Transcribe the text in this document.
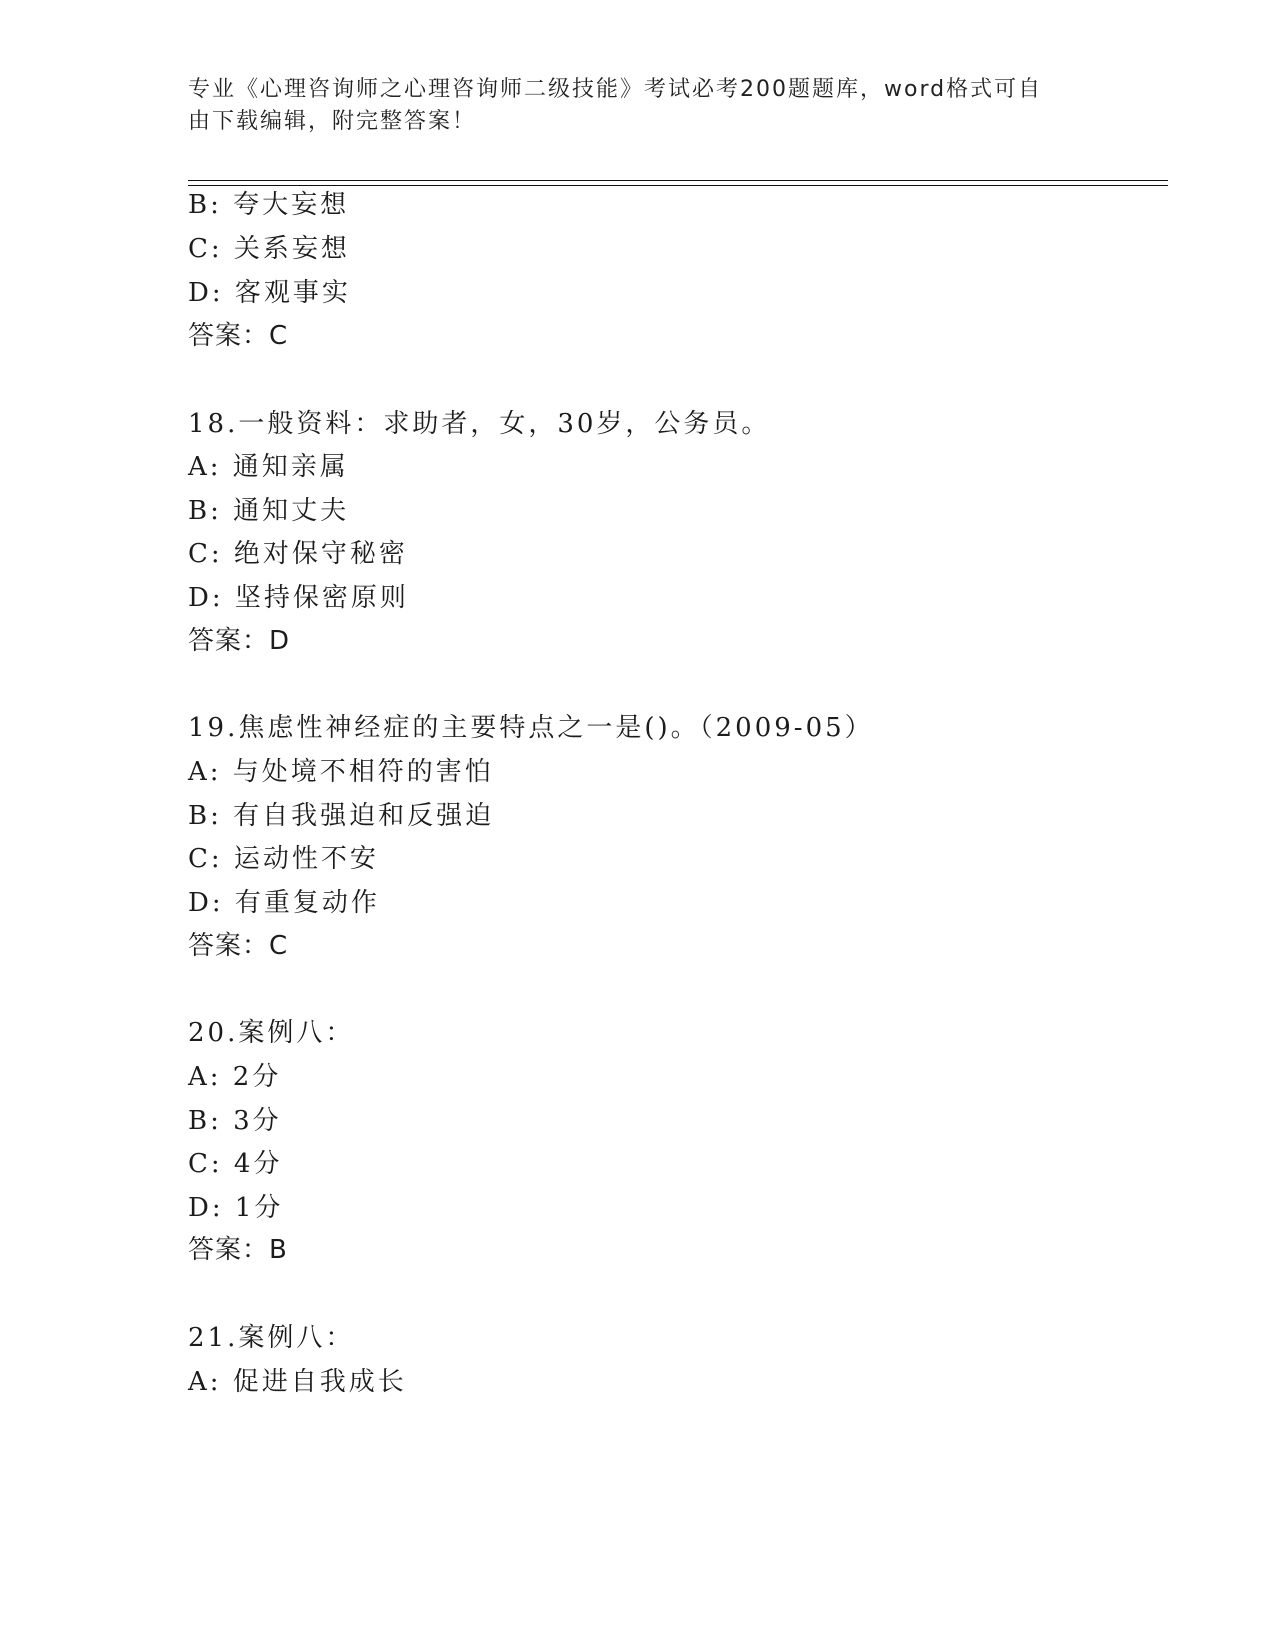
专业《心理咨询师之心理咨询师二级技能》考试必考200题题库，word格式可自
由下载编辑，附完整答案！
B: 夸大妄想
C: 关系妄想
D: 客观事实
答案：C
18.一般资料：求助者，女，30岁，公务员。
A: 通知亲属
B: 通知丈夫
C: 绝对保守秘密
D: 坚持保密原则
答案：D
19.焦虑性神经症的主要特点之一是()。（2009-05）
A: 与处境不相符的害怕
B: 有自我强迫和反强迫
C: 运动性不安
D: 有重复动作
答案：C
20.案例八：
A: 2分
B: 3分
C: 4分
D: 1分
答案：B
21.案例八：
A: 促进自我成长
